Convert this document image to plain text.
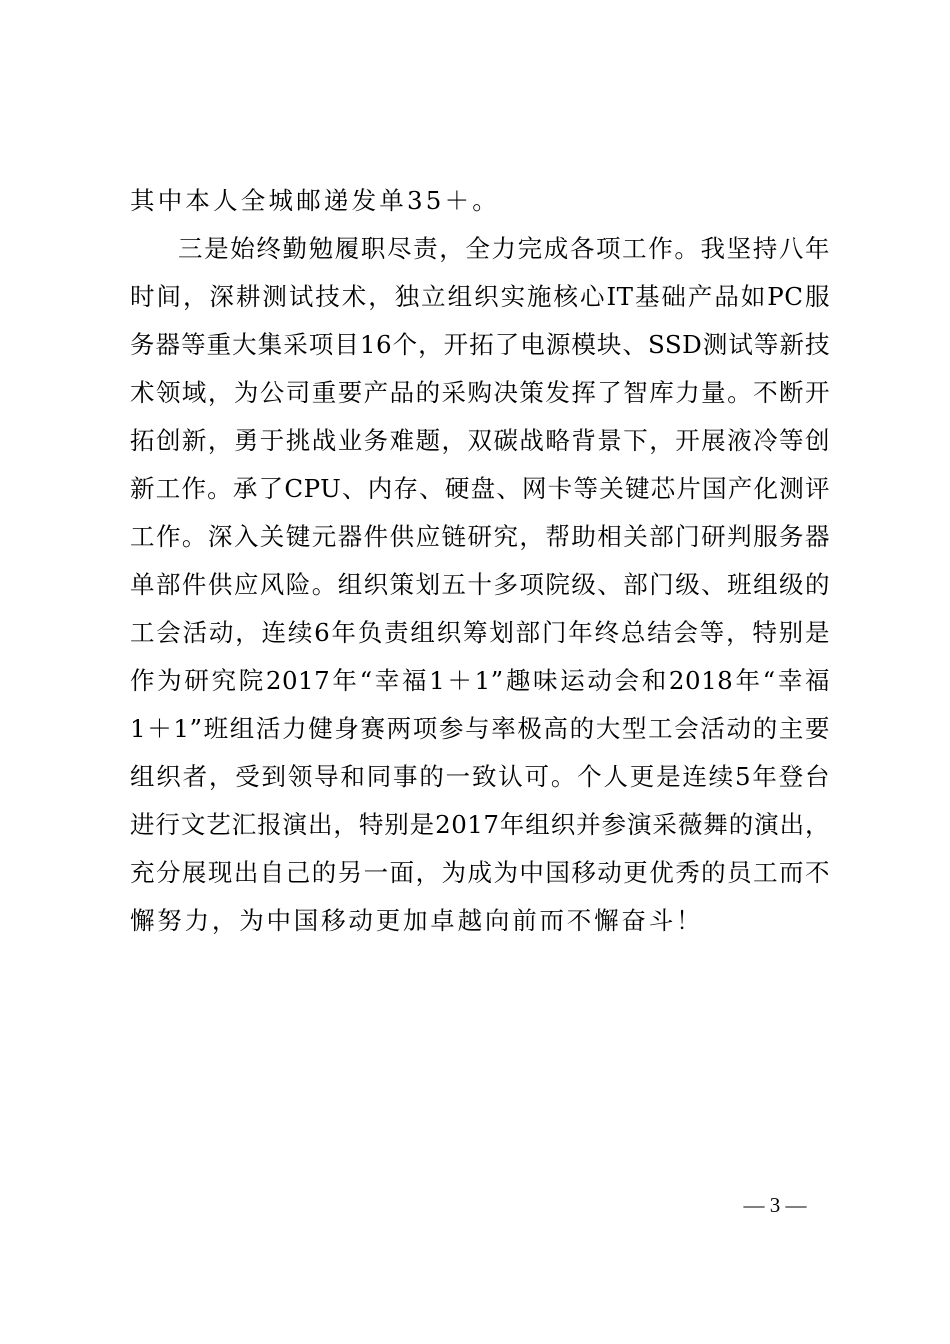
其中本人全城邮递发单35＋。
三是始终勤勉履职尽责，全力完成各项工作。我坚持八年
时间，深耕测试技术，独立组织实施核心IT基础产品如PC服
务器等重大集采项目16个，开拓了电源模块、SSD测试等新技
术领域，为公司重要产品的采购决策发挥了智库力量。不断开
拓创新，勇于挑战业务难题，双碳战略背景下，开展液冷等创
新工作。承了CPU、内存、硬盘、网卡等关键芯片国产化测评
工作。深入关键元器件供应链研究，帮助相关部门研判服务器
单部件供应风险。组织策划五十多项院级、部门级、班组级的
工会活动，连续6年负责组织筹划部门年终总结会等，特别是
作为研究院2017年“幸福1＋1”趣味运动会和2018年“幸福
1＋1”班组活力健身赛两项参与率极高的大型工会活动的主要
组织者，受到领导和同事的一致认可。个人更是连续5年登台
进行文艺汇报演出，特别是2017年组织并参演采薇舞的演出，
充分展现出自己的另一面，为成为中国移动更优秀的员工而不
懈努力，为中国移动更加卓越向前而不懈奋斗！
— 3 —
